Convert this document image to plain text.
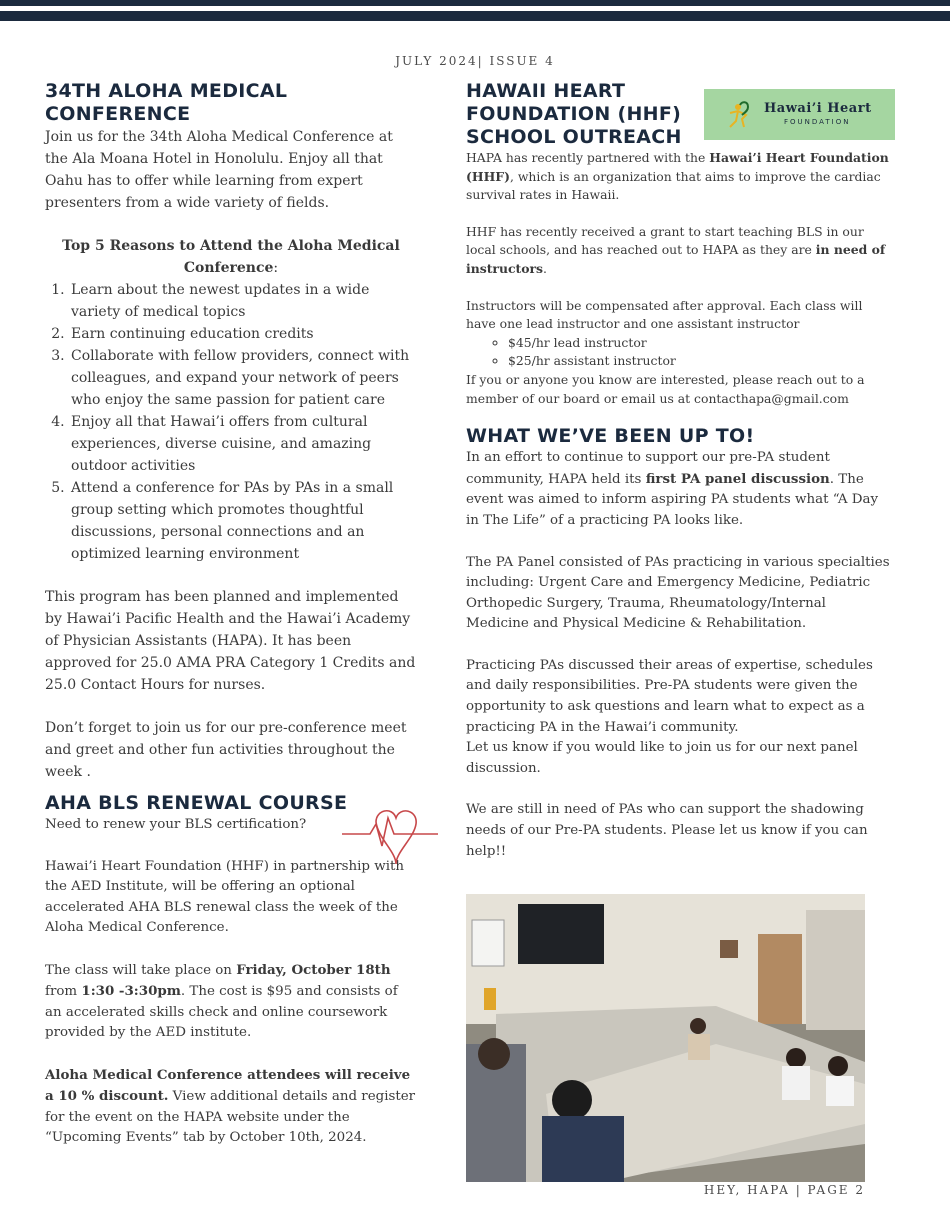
JULY 2024| ISSUE 4
34TH ALOHA MEDICAL CONFERENCE

Join us for the 34th Aloha Medical Conference at the Ala Moana Hotel in Honolulu. Enjoy all that Oahu has to offer while learning from expert presenters from a wide variety of fields.

Top 5 Reasons to Attend the Aloha Medical Conference:

1. Learn about the newest updates in a wide variety of medical topics
2. Earn continuing education credits
3. Collaborate with fellow providers, connect with colleagues, and expand your network of peers who enjoy the same passion for patient care
4. Enjoy all that Hawai’i offers from cultural experiences, diverse cuisine, and amazing outdoor activities
5. Attend a conference for PAs by PAs in a small group setting which promotes thoughtful discussions, personal connections and an optimized learning environment

This program has been planned and implemented by Hawai’i Pacific Health and the Hawai’i Academy of Physician Assistants (HAPA). It has been approved for 25.0 AMA PRA Category 1 Credits and 25.0 Contact Hours for nurses.

Don’t forget to join us for our pre-conference meet and greet and other fun activities throughout the week .

AHA BLS RENEWAL COURSE

Need to renew your BLS certification?

Hawai’i Heart Foundation (HHF) in partnership with the AED Institute, will be offering an optional accelerated AHA BLS renewal class the week of the Aloha Medical Conference.

The class will take place on Friday, October 18th from 1:30 -3:30pm. The cost is $95 and consists of an accelerated skills check and online coursework provided by the AED institute.

Aloha Medical Conference attendees will receive a 10 % discount. View additional details and register for the event on the HAPA website under the “Upcoming Events” tab by October 10th, 2024.

HAWAII HEART FOUNDATION (HHF) SCHOOL OUTREACH

HAPA has recently partnered with the Hawai’i Heart Foundation (HHF), which is an organization that aims to improve the cardiac survival rates in Hawaii.

HHF has recently received a grant to start teaching BLS in our local schools, and has reached out to HAPA as they are in need of instructors.

Instructors will be compensated after approval. Each class will have one lead instructor and one assistant instructor

◦ $45/hr lead instructor
◦ $25/hr assistant instructor

If you or anyone you know are interested, please reach out to a member of our board or email us at contacthapa@gmail.com

WHAT WE’VE BEEN UP TO!

In an effort to continue to support our pre-PA student community, HAPA held its first PA panel discussion. The event was aimed to inform aspiring PA students what “A Day in The Life” of a practicing PA looks like.

The PA Panel consisted of PAs practicing in various specialties including: Urgent Care and Emergency Medicine, Pediatric Orthopedic Surgery, Trauma, Rheumatology/Internal Medicine and Physical Medicine & Rehabilitation.

Practicing PAs discussed their areas of expertise, schedules and daily responsibilities. Pre-PA students were given the opportunity to ask questions and learn what to expect as a practicing PA in the Hawai’i community.

Let us know if you would like to join us for our next panel discussion.

We are still in need of PAs who can support the shadowing needs of our Pre-PA students. Please let us know if you can help!!

Hawai’i Heart
FOUNDATION
HEY, HAPA | PAGE 2
